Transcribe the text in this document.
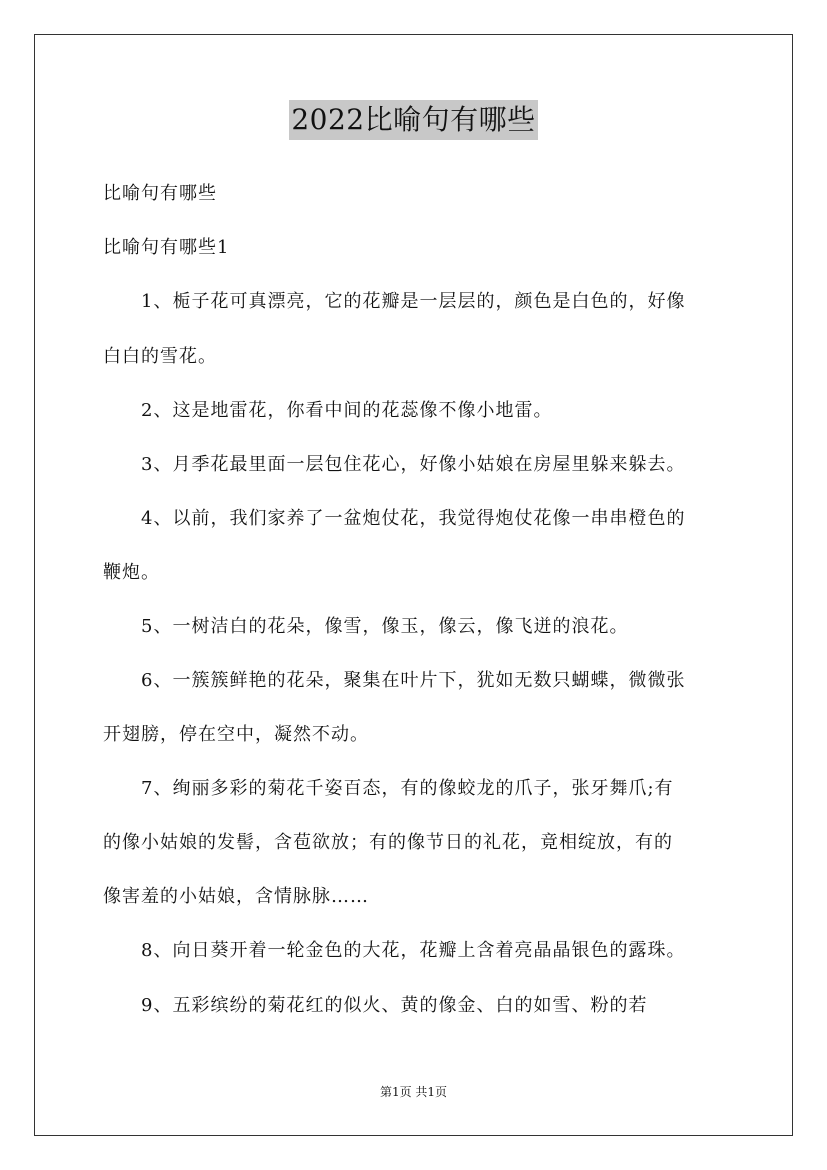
2022比喻句有哪些
比喻句有哪些
比喻句有哪些1
1、栀子花可真漂亮，它的花瓣是一层层的，颜色是白色的，好像
白白的雪花。
2、这是地雷花，你看中间的花蕊像不像小地雷。
3、月季花最里面一层包住花心，好像小姑娘在房屋里躲来躲去。
4、以前，我们家养了一盆炮仗花，我觉得炮仗花像一串串橙色的
鞭炮。
5、一树洁白的花朵，像雪，像玉，像云，像飞迸的浪花。
6、一簇簇鲜艳的花朵，聚集在叶片下，犹如无数只蝴蝶，微微张
开翅膀，停在空中，凝然不动。
7、绚丽多彩的菊花千姿百态，有的像蛟龙的爪子，张牙舞爪;有
的像小姑娘的发髻，含苞欲放；有的像节日的礼花，竟相绽放，有的
像害羞的小姑娘，含情脉脉……
8、向日葵开着一轮金色的大花，花瓣上含着亮晶晶银色的露珠。
9、五彩缤纷的菊花红的似火、黄的像金、白的如雪、粉的若
第1页 共1页
